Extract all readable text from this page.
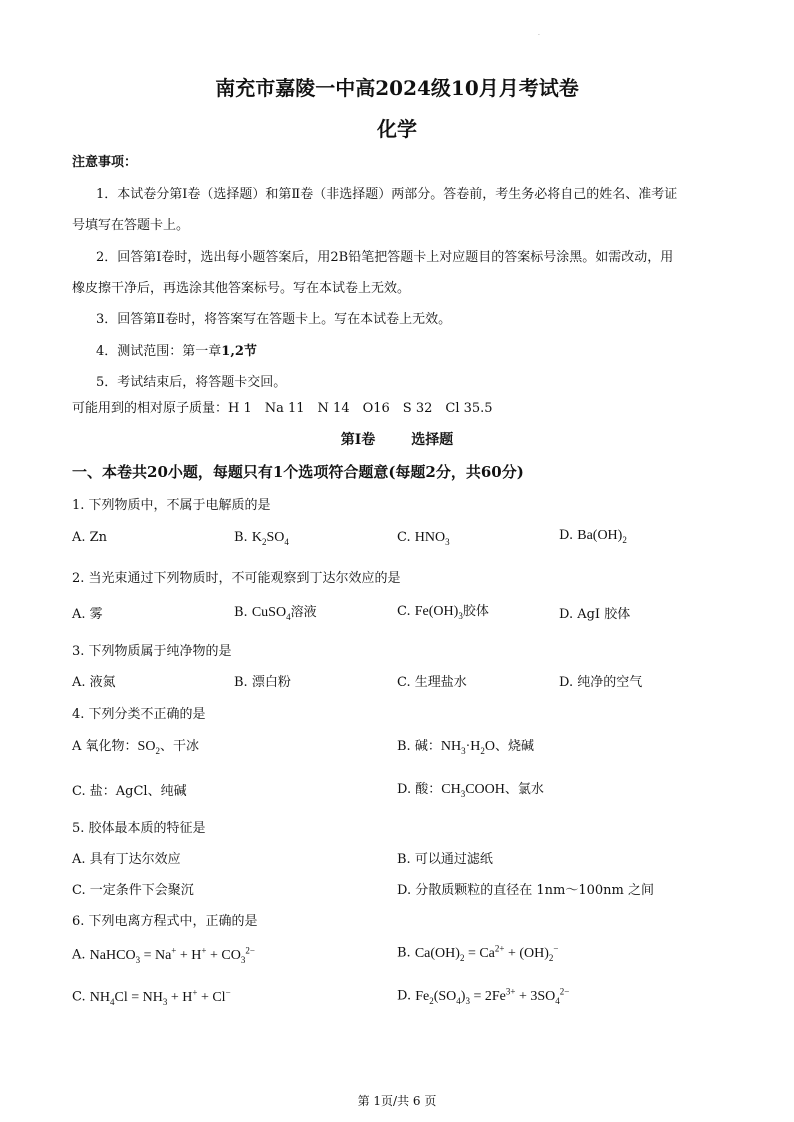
·
南充市嘉陵一中高2024级10月月考试卷
化学
注意事项：
1．本试卷分第Ⅰ卷（选择题）和第Ⅱ卷（非选择题）两部分。答卷前，考生务必将自己的姓名、准考证
号填写在答题卡上。
2．回答第Ⅰ卷时，选出每小题答案后，用2B铅笔把答题卡上对应题目的答案标号涂黑。如需改动，用
橡皮擦干净后，再选涂其他答案标号。写在本试卷上无效。
3．回答第Ⅱ卷时，将答案写在答题卡上。写在本试卷上无效。
4．测试范围：第一章1,2节
5．考试结束后，将答题卡交回。
可能用到的相对原子质量：H 1　Na 11　N 14　O16　S 32　Cl 35.5
第Ⅰ卷	选择题
一、本卷共20小题，每题只有1个选项符合题意(每题2分，共60分)
1. 下列物质中，不属于电解质的是
A. Zn	B. $K_2SO_4$	C. $HNO_3$	D. $Ba(OH)_2$
2. 当光束通过下列物质时，不可能观察到丁达尔效应的是
A. 雾	B. CuSO$_4$溶液	C. $Fe(OH)_3$胶体	D. AgI 胶体
3. 下列物质属于纯净物的是
A. 液氮	B. 漂白粉	C. 生理盐水	D. 纯净的空气
4. 下列分类不正确的是
A 氧化物：$SO_2$、干冰	B. 碱：$NH_3\cdot H_2O$、烧碱
C. 盐：AgCl、纯碱	D. 酸：$CH_3COOH$、氯水
5. 胶体最本质的特征是
A. 具有丁达尔效应	B. 可以通过滤纸
C. 一定条件下会聚沉	D. 分散质颗粒的直径在 1nm～100nm 之间
6. 下列电离方程式中，正确的是
A. NaHCO$_3$ = $Na^+ + H^+ + CO_3^{2-}$	B. $Ca(OH)_2 = Ca^{2+} + (OH)_2^-$
C. $NH_4Cl = NH_3 + H^+ + Cl^-$	D. $Fe_2(SO_4)_3 = 2Fe^{3+} + 3SO_4^{2-}$
第 1页/共 6 页
